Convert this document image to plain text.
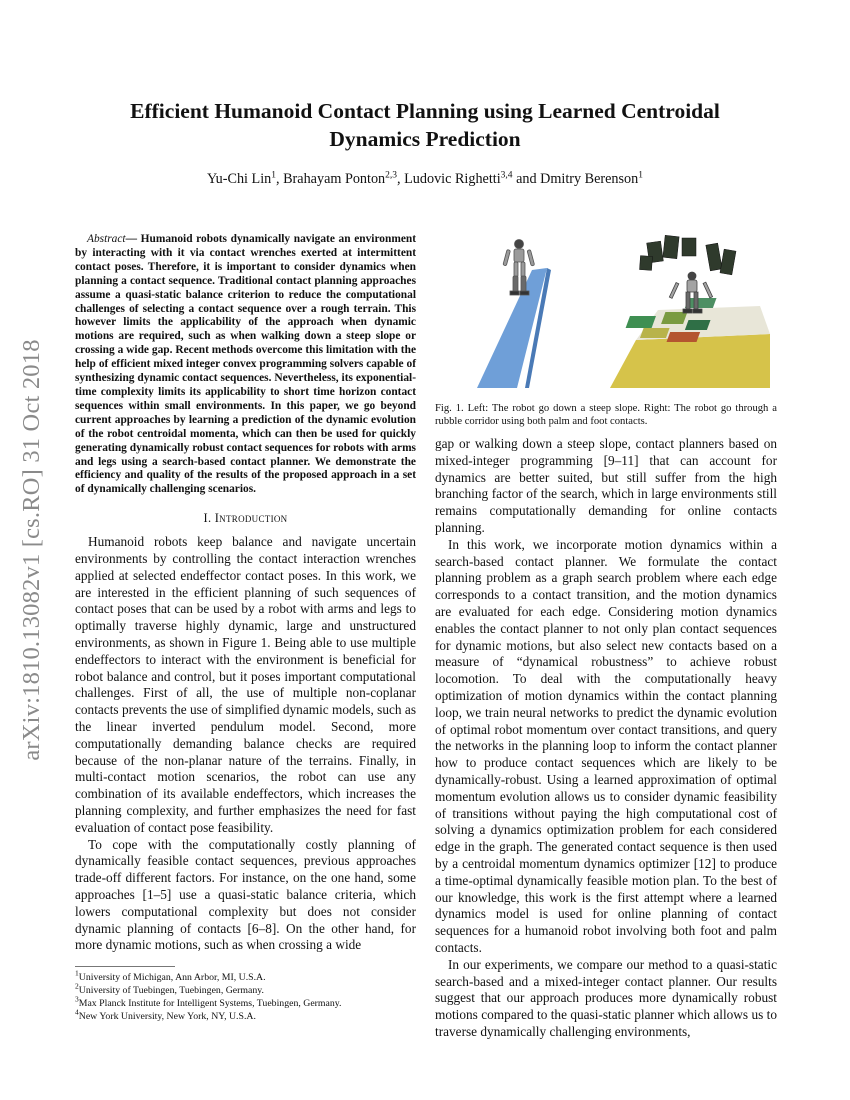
arXiv:1810.13082v1 [cs.RO] 31 Oct 2018
Efficient Humanoid Contact Planning using Learned Centroidal
Dynamics Prediction
Yu-Chi Lin$^1$, Brahayam Ponton$^{2,3}$, Ludovic Righetti$^{3,4}$ and Dmitry Berenson$^1$

Abstract— Humanoid robots dynamically navigate an environment by interacting with it via contact wrenches exerted at intermittent contact poses. Therefore, it is important to consider dynamics when planning a contact sequence. Traditional contact planning approaches assume a quasi-static balance criterion to reduce the computational challenges of selecting a contact sequence over a rough terrain. This however limits the applicability of the approach when dynamic motions are required, such as when walking down a steep slope or crossing a wide gap. Recent methods overcome this limitation with the help of efficient mixed integer convex programming solvers capable of synthesizing dynamic contact sequences. Nevertheless, its exponential-time complexity limits its applicability to short time horizon contact sequences within small environments. In this paper, we go beyond current approaches by learning a prediction of the dynamic evolution of the robot centroidal momenta, which can then be used for quickly generating dynamically robust contact sequences for robots with arms and legs using a search-based contact planner. We demonstrate the efficiency and quality of the results of the proposed approach in a set of dynamically challenging scenarios.

I. Introduction

Humanoid robots keep balance and navigate uncertain environments by controlling the contact interaction wrenches applied at selected endeffector contact poses. In this work, we are interested in the efficient planning of such sequences of contact poses that can be used by a robot with arms and legs to optimally traverse highly dynamic, large and unstructured environments, as shown in Figure 1. Being able to use multiple endeffectors to interact with the environment is beneficial for robot balance and control, but it poses important computational challenges. First of all, the use of multiple non-coplanar contacts prevents the use of simplified dynamic models, such as the linear inverted pendulum model. Second, more computationally demanding balance checks are required because of the non-planar nature of the terrains. Finally, in multi-contact motion scenarios, the robot can use any combination of its available endeffectors, which increases the planning complexity, and further emphasizes the need for fast evaluation of contact pose feasibility.

To cope with the computationally costly planning of dynamically feasible contact sequences, previous approaches trade-off different factors. For instance, on the one hand, some approaches [1–5] use a quasi-static balance criteria, which lowers computational complexity but does not consider dynamic planning of contacts [6–8]. On the other hand, for more dynamic motions, such as when crossing a wide

$^1$University of Michigan, Ann Arbor, MI, U.S.A.
$^2$University of Tuebingen, Tuebingen, Germany.
$^3$Max Planck Institute for Intelligent Systems, Tuebingen, Germany.
$^4$New York University, New York, NY, U.S.A.
Fig. 1. Left: The robot go down a steep slope. Right: The robot go through a rubble corridor using both palm and foot contacts.

gap or walking down a steep slope, contact planners based on mixed-integer programming [9–11] that can account for dynamics are better suited, but still suffer from the high branching factor of the search, which in large environments still remains computationally demanding for online contacts planning.

In this work, we incorporate motion dynamics within a search-based contact planner. We formulate the contact planning problem as a graph search problem where each edge corresponds to a contact transition, and the motion dynamics are evaluated for each edge. Considering motion dynamics enables the contact planner to not only plan contact sequences for dynamic motions, but also select new contacts based on a measure of “dynamical robustness” to achieve robust locomotion. To deal with the computationally heavy optimization of motion dynamics within the contact planning loop, we train neural networks to predict the dynamic evolution of optimal robot momentum over contact transitions, and query the networks in the planning loop to inform the contact planner how to produce contact sequences which are likely to be dynamically-robust. Using a learned approximation of optimal momentum evolution allows us to consider dynamic feasibility of transitions without paying the high computational cost of solving a dynamics optimization problem for each considered edge in the graph. The generated contact sequence is then used by a centroidal momentum dynamics optimizer [12] to produce a time-optimal dynamically feasible motion plan. To the best of our knowledge, this work is the first attempt where a learned dynamics model is used for online planning of contact sequences for a humanoid robot involving both foot and palm contacts.

In our experiments, we compare our method to a quasi-static search-based and a mixed-integer contact planner. Our results suggest that our approach produces more dynamically robust motions compared to the quasi-static planner which allows us to traverse dynamically challenging environments,
